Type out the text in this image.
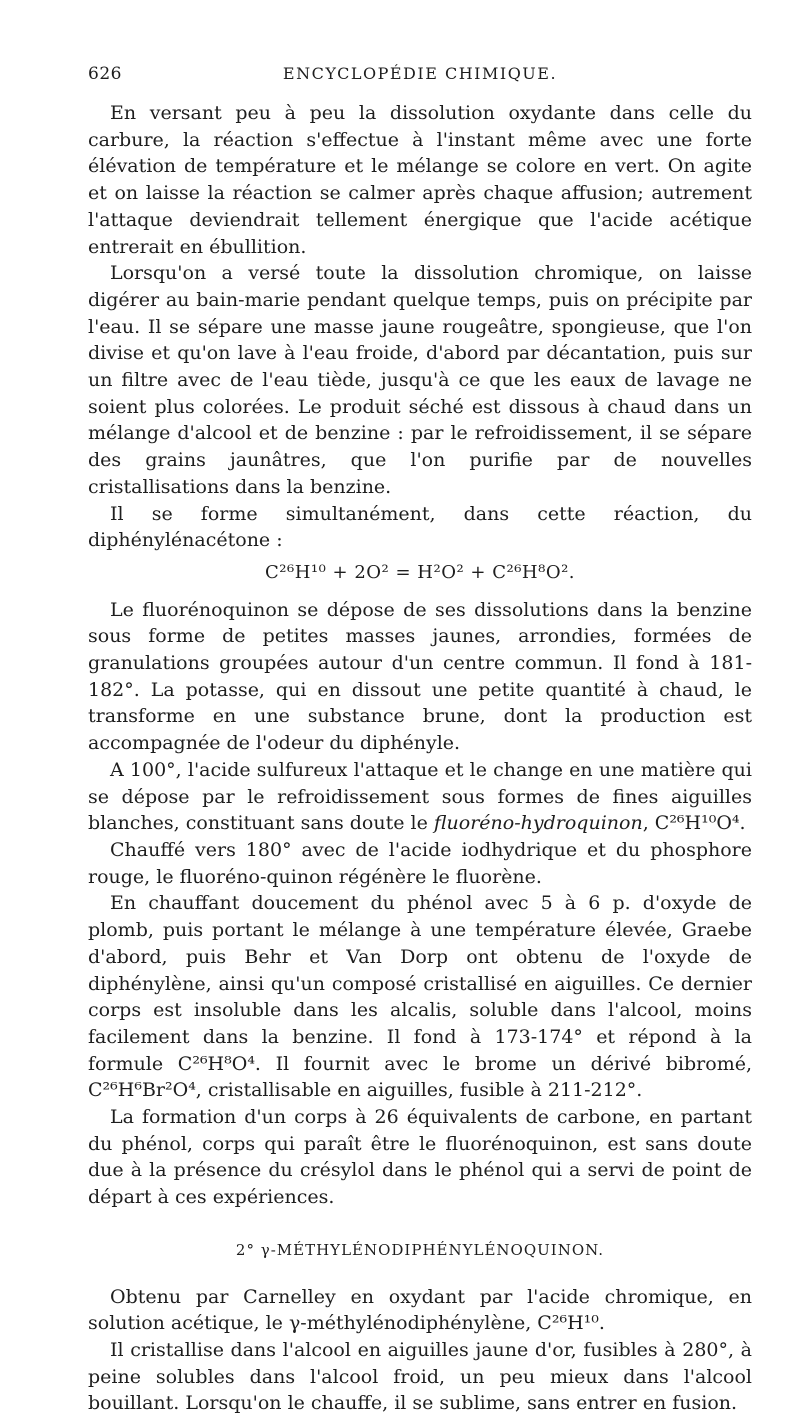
626	ENCYCLOPÉDIE CHIMIQUE.

En versant peu à peu la dissolution oxydante dans celle du carbure, la réaction s'effectue à l'instant même avec une forte élévation de température et le mélange se colore en vert. On agite et on laisse la réaction se calmer après chaque affusion; autrement l'attaque deviendrait tellement énergique que l'acide acétique entrerait en ébullition.

Lorsqu'on a versé toute la dissolution chromique, on laisse digérer au bain-marie pendant quelque temps, puis on précipite par l'eau. Il se sépare une masse jaune rougeâtre, spongieuse, que l'on divise et qu'on lave à l'eau froide, d'abord par décantation, puis sur un filtre avec de l'eau tiède, jusqu'à ce que les eaux de lavage ne soient plus colorées. Le produit séché est dissous à chaud dans un mélange d'alcool et de benzine : par le refroidissement, il se sépare des grains jaunâtres, que l'on purifie par de nouvelles cristallisations dans la benzine.

Il se forme simultanément, dans cette réaction, du diphénylénacétone :

C²⁶H¹⁰ + 2O² = H²O² + C²⁶H⁸O².

Le fluorénoquinon se dépose de ses dissolutions dans la benzine sous forme de petites masses jaunes, arrondies, formées de granulations groupées autour d'un centre commun. Il fond à 181-182°. La potasse, qui en dissout une petite quantité à chaud, le transforme en une substance brune, dont la production est accompagnée de l'odeur du diphényle.

A 100°, l'acide sulfureux l'attaque et le change en une matière qui se dépose par le refroidissement sous formes de fines aiguilles blanches, constituant sans doute le fluoréno-hydroquinon, C²⁶H¹⁰O⁴.

Chauffé vers 180° avec de l'acide iodhydrique et du phosphore rouge, le fluoréno-quinon régénère le fluorène.

En chauffant doucement du phénol avec 5 à 6 p. d'oxyde de plomb, puis portant le mélange à une température élevée, Graebe d'abord, puis Behr et Van Dorp ont obtenu de l'oxyde de diphénylène, ainsi qu'un composé cristallisé en aiguilles. Ce dernier corps est insoluble dans les alcalis, soluble dans l'alcool, moins facilement dans la benzine. Il fond à 173-174° et répond à la formule C²⁶H⁸O⁴. Il fournit avec le brome un dérivé bibromé, C²⁶H⁶Br²O⁴, cristallisable en aiguilles, fusible à 211-212°.

La formation d'un corps à 26 équivalents de carbone, en partant du phénol, corps qui paraît être le fluorénoquinon, est sans doute due à la présence du crésylol dans le phénol qui a servi de point de départ à ces expériences.

2° γ-MÉTHYLÉNODIPHÉNYLÉNOQUINON.

Obtenu par Carnelley en oxydant par l'acide chromique, en solution acétique, le γ-méthylénodiphénylène, C²⁶H¹⁰.

Il cristallise dans l'alcool en aiguilles jaune d'or, fusibles à 280°, à peine solubles dans l'alcool froid, un peu mieux dans l'alcool bouillant. Lorsqu'on le chauffe, il se sublime, sans entrer en fusion.
